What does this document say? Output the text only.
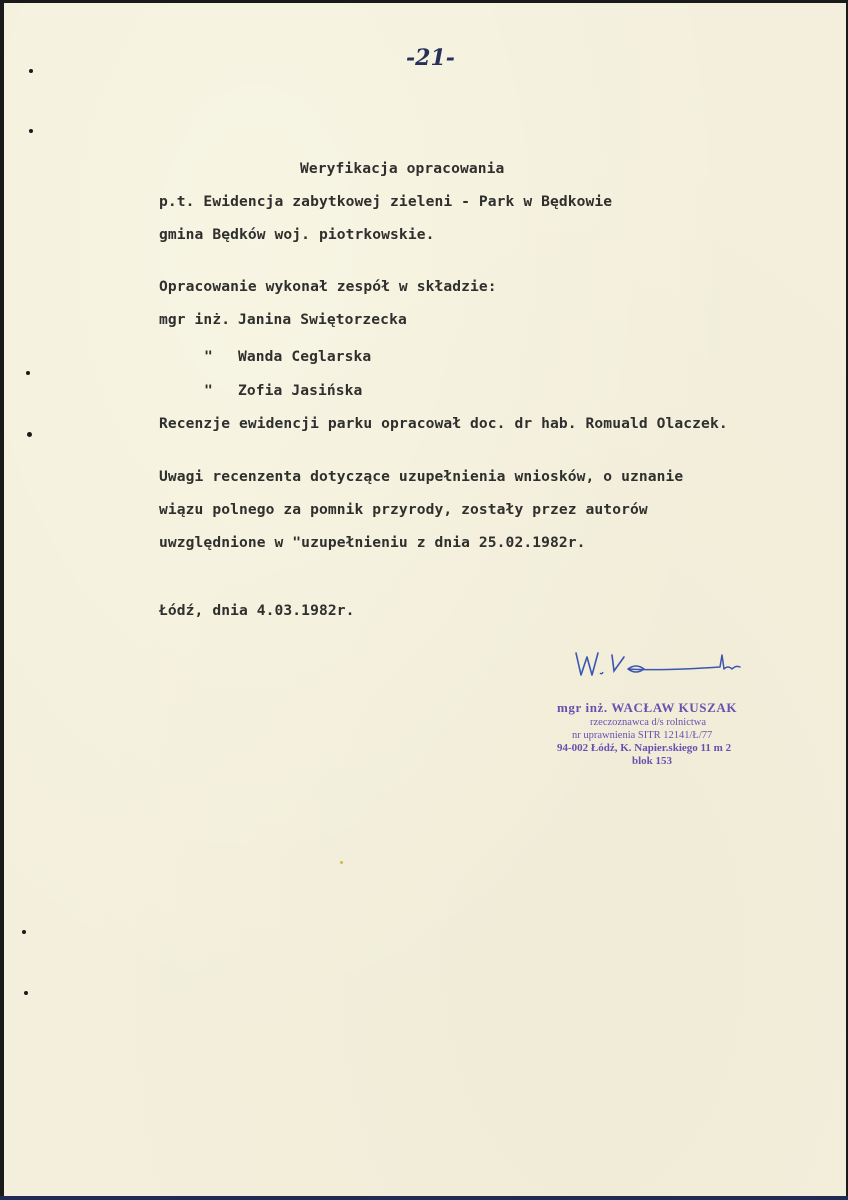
-21-
Weryfikacja opracowania
p.t. Ewidencja zabytkowej zieleni - Park w Będkowie
gmina Będków woj. piotrkowskie.
Opracowanie wykonał zespół w składzie:
mgr inż. Janina Swiętorzecka
" Wanda Ceglarska
" Zofia Jasińska
Recenzje ewidencji parku opracował doc. dr hab. Romuald Olaczek.
Uwagi recenzenta dotyczące uzupełnienia wniosków, o uznanie
wiązu polnego za pomnik przyrody, zostały przez autorów
uwzględnione w "uzupełnieniu z dnia 25.02.1982r.
Łódź, dnia 4.03.1982r.
mgr inż. WACŁAW KUSZAK
rzeczoznawca d/s rolnictwa
nr uprawnienia SITR 12141/Ł/77
94-002 Łódź, K. Napier.skiego 11 m 2
blok 153
